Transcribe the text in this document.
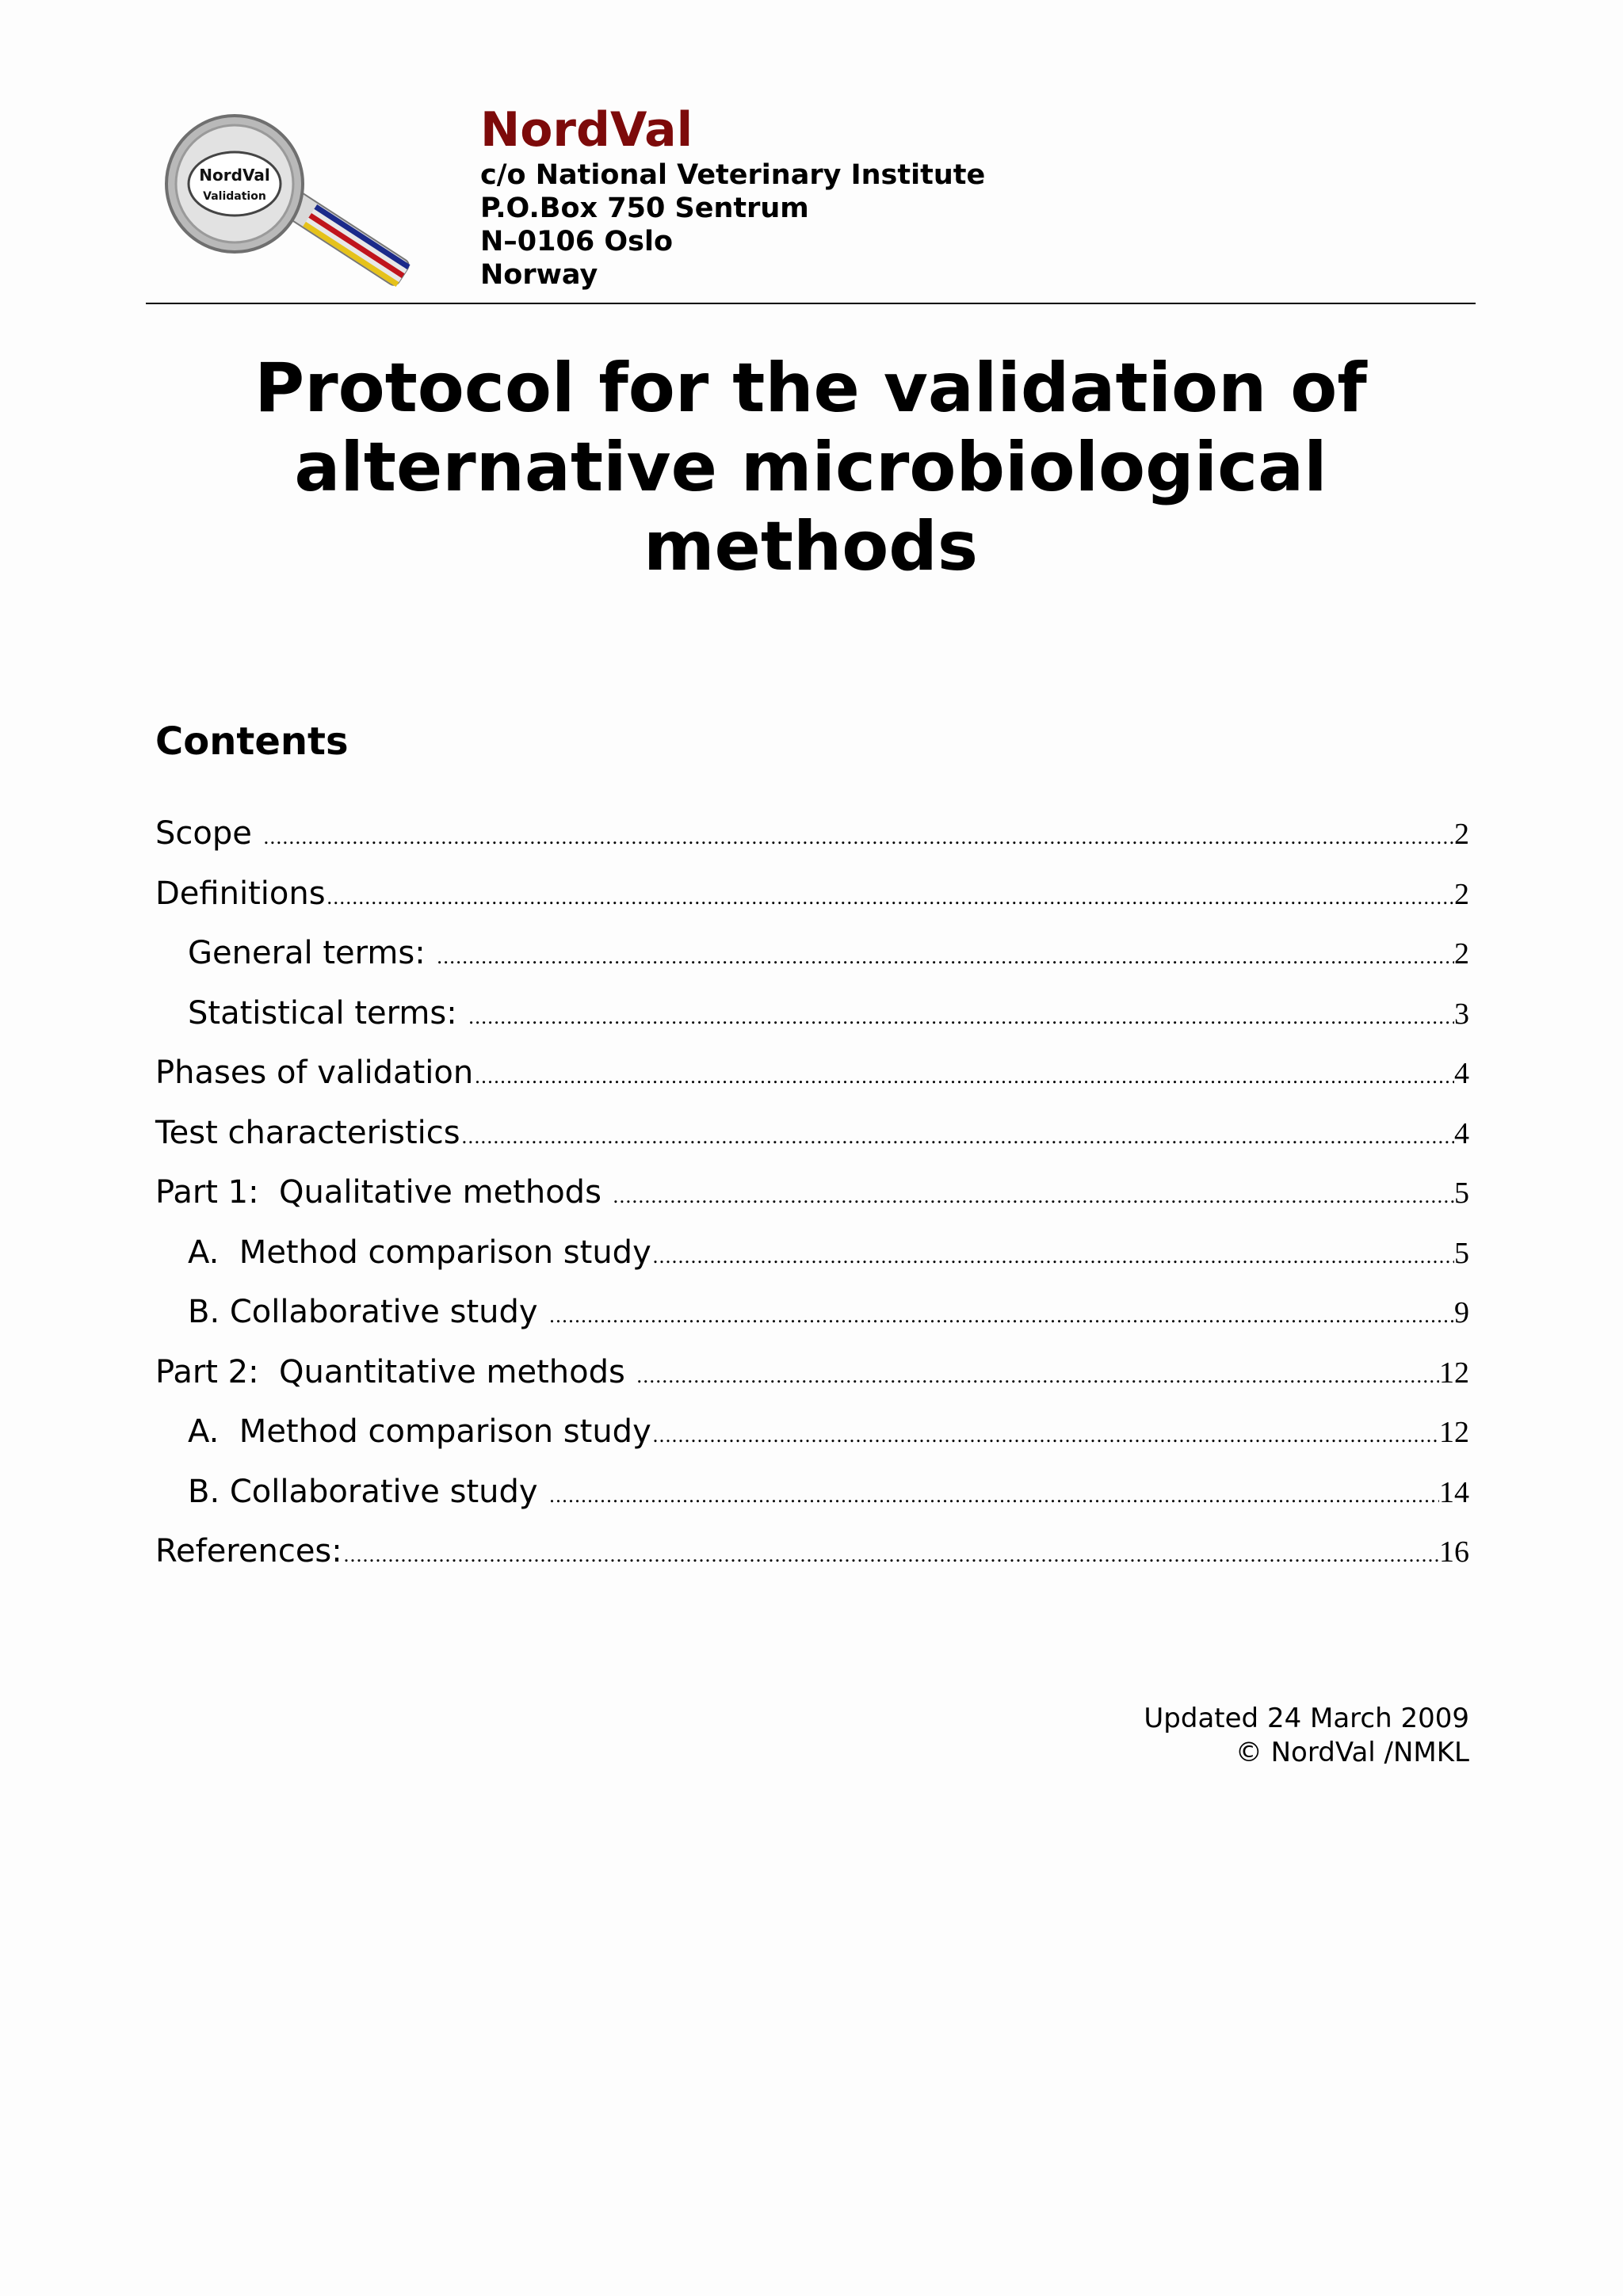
NordVal
Validation
NordVal
c/o National Veterinary Institute
P.O.Box 750 Sentrum
N–0106 Oslo
Norway
Protocol for the validation of
alternative microbiological
methods
Contents
Scope .....	2
Definitions .....	2
General terms: .....	2
Statistical terms: .....	3
Phases of validation .....	4
Test characteristics .....	4
Part 1:  Qualitative methods .....	5
A.  Method comparison study .....	5
B. Collaborative study .....	9
Part 2:  Quantitative methods .....	12
A.  Method comparison study .....	12
B. Collaborative study .....	14
References: .....	16
Updated 24 March 2009
© NordVal /NMKL
